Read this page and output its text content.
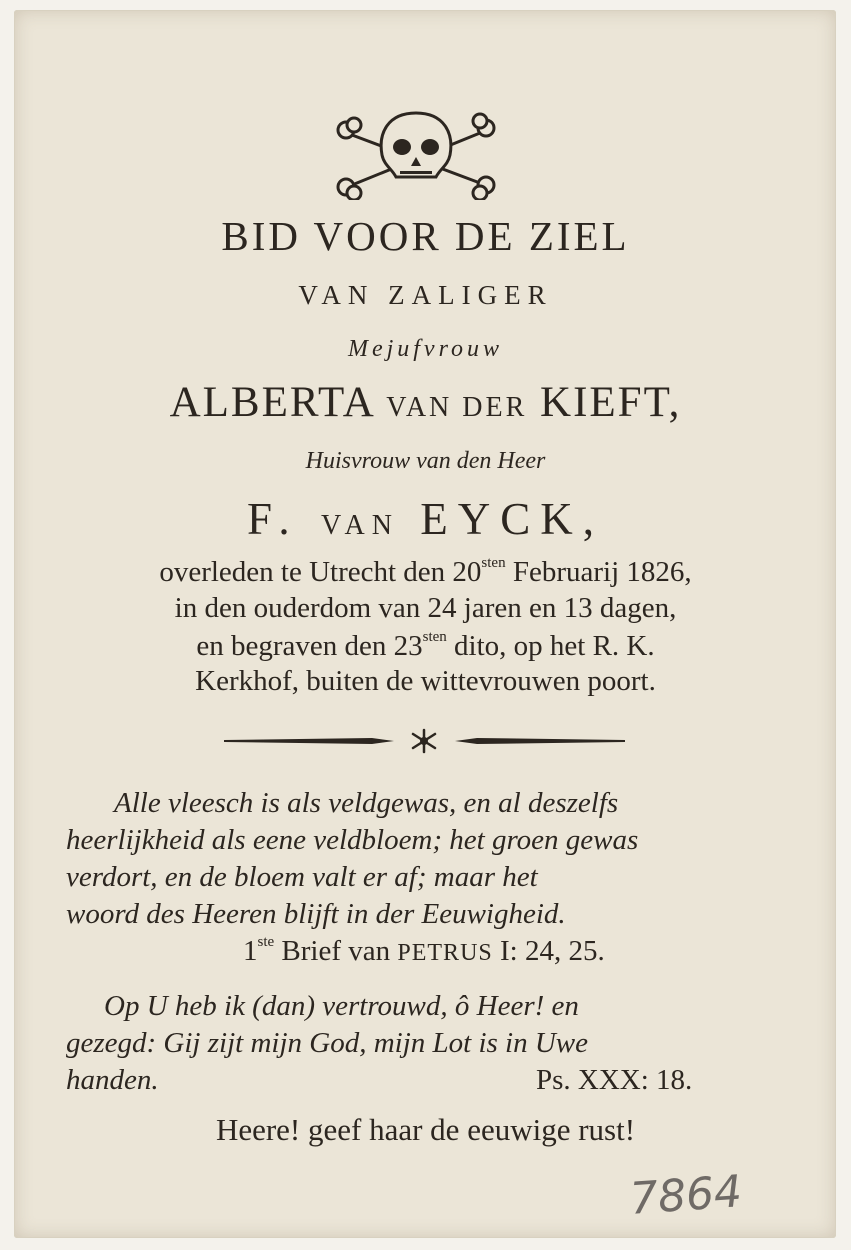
BID VOOR DE ZIEL
VAN ZALIGER
Mejufvrouw
ALBERTA VAN DER KIEFT,
Huisvrouw van den Heer
F. VAN EYCK,
overleden te Utrecht den $20^{sten}$ Februarij 1826,
in den ouderdom van 24 jaren en 13 dagen,
en begraven den $23^{sten}$ dito, op het R. K.
Kerkhof, buiten de wittevrouwen poort.
Alle vleesch is als veldgewas, en al deszelfs
heerlijkheid als eene veldbloem; het groen gewas
verdort, en de bloem valt er af; maar het
woord des Heeren blijft in der Eeuwigheid.
1ste Brief van PETRUS I: 24, 25.
Op U heb ik (dan) vertrouwd, ô Heer! en
gezegd: Gij zijt mijn God, mijn Lot is in Uwe
handen.	Ps. XXX: 18.
Heere! geef haar de eeuwige rust!
7864
